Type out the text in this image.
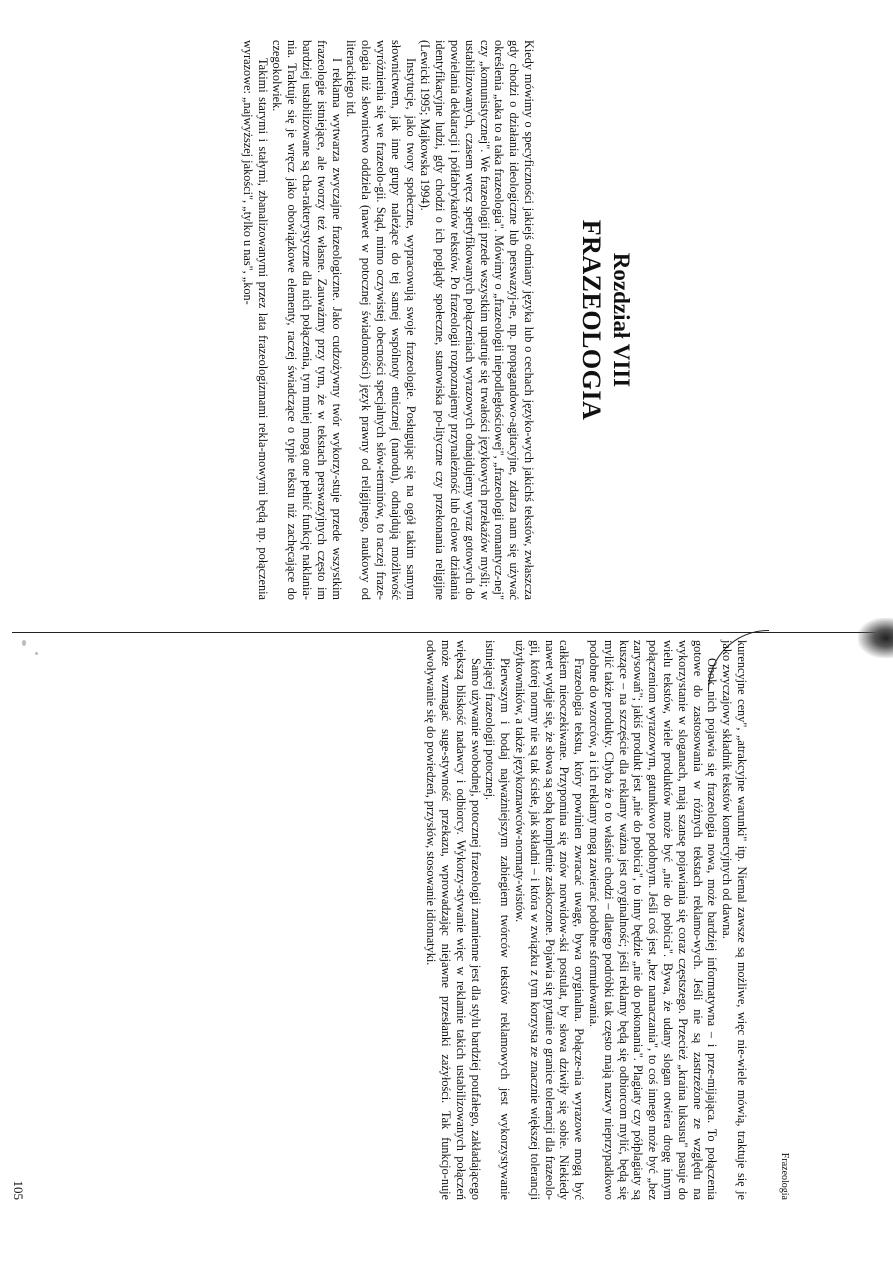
Rozdział VIII
FRAZEOLOGIA

Kiedy mówimy o specyficzności jakiejś odmiany języka lub o cechach języko-wych jakichś tekstów, zwłaszcza gdy chodzi o działania ideologiczne lub perswazyj-ne, np. propagandowo-agitacyjne, zdarza nam się używać określenia „taka to a taka frazeologia". Mówimy o „frazeologii niepodległościowej", „frazeologii romantycz-nej" czy „komunistycznej". We frazeologii przede wszystkim upatruje się trwałości językowych przekaźów myśli; w ustabilizowanych, czasem wręcz spetryfikowanych połączeniach wyrazowych odnajdujemy wyraz gotowych do powielania deklaracji i półfabrykatów tekstów. Po frazeologii rozpoznajemy przynależność lub celowe działania identyfikacyjne ludzi, gdy chodzi o ich poglądy społeczne, stanowiska po-lityczne czy przekonania religijne (Lewicki 1995; Majkowska 1994).

Instytucje, jako twory społeczne, wypracowują swoje frazeologie. Posługując się na ogół takim samym słownictwem, jak inne grupy należące do tej samej wspólnoty etnicznej (narodu), odnajdują możliwość wyróżnienia się we frazeolo-gii. Stąd, mimo oczywistej obecności specjalnych słów-terminów, to raczej fraze-ologia niż słownictwo oddziela (nawet w potocznej świadomości) język prawny od religijnego, naukowy od literackiego itd.

I reklama wytwarza zwyczajne frazeologiczne. Jako cudzożywny twór wykorzy-stuje przede wszystkim frazeologie istniejące, ale tworzy też własne. Zauważmy przy tym, że w tekstach perswazyjnych często im bardziej ustabilizowane są cha-rakterystyczne dla nich połączenia, tym mniej mogą one pełnić funkcję naklania-nia. Traktuje się je wręcz jako obowiązkowe elementy, raczej świadczące o typie tekstu niż zachęcające do czegokolwiek.

Takimi starymi i stałymi, zbanalizowanymi przez lata frazeologizmami rekla-mowymi będą np. połączenia wyrazowe: „najwyższej jakości", „tylko u nas", „kon-

Frazeologia

kurencyjne ceny", „atrakcyjne warunki" itp. Niemal zawsze są możliwe, więc nie-wiele mówią, traktuje się je jako zwyczajowy składnik tekstów komercyjnych od dawna.

Obok nich pojawia się frazeologia nowa, może bardziej informatywna – i prze-mijająca. To połączenia gotowe do zastosowania w różnych tekstach reklamo-wych. Jeśli nie są zastrzeżone ze względu na wykorzystanie w sloganach, mają szansę pojawiania się coraz częstszego. Przecież „kraina luksusu" pasuje do wielu tekstów, wiele produktów może być „nie do pobicia". Bywa, że udany slogan otwiera drogę innym połączeniom wyrazowym, gatunkowo podobnym. Jeśli coś jest „bez namaczania", to coś innego może być „bez zarysowań"; jakiś produkt jest „nie do pobicia", to inny będzie „nie do pokonania". Plagiaty czy półplagiaty są kuszące – na szczęście dla reklamy ważna jest oryginalność; jeśli reklamy będą się odbiorcom mylić, będą się mylić także produkty. Chyba że o to właśnie chodzi – dlatego podróbki tak często mają nazwy nieprzypadkowo podobne do wzorców, a i ich reklamy mogą zawierać podobne sformułowania.

Frazeologia tekstu, który powinien zwracać uwagę, bywa oryginalna. Połącze-nia wyrazowe mogą być całkiem nieoczekiwane. Przypomina się znów norwidow-ski postulat, by słowa dziwiły się sobie. Niekiedy nawet wydaje się, że słowa są sobą kompletnie zaskoczone. Pojawia się pytanie o granice tolerancji dla frazeolo-gii, której normy nie są tak ścisłe, jak składni – i która w związku z tym korzysta ze znacznie większej tolerancji użytkowników, a także językoznawców-normaty-wistów.

Pierwszym i bodaj najważniejszym zabiegiem twórców tekstów reklamowych jest wykorzystywanie istniejącej frazeologii potocznej.

Samo używanie swobodnej, potocznej frazeologii znamienne jest dla stylu bardziej poufałego, zakładającego większą bliskość nadawcy i odbiorcy. Wykorzy-stywanie więc w reklamie takich ustabilizowanych połączeń może wzmagać suge-stywność przekazu, wprowadzając niejawne przesłanki zażyłości. Tak funkcjo-nuje odwoływanie się do powiedzeń, przysłów, stosowanie idiomatyki.

105
